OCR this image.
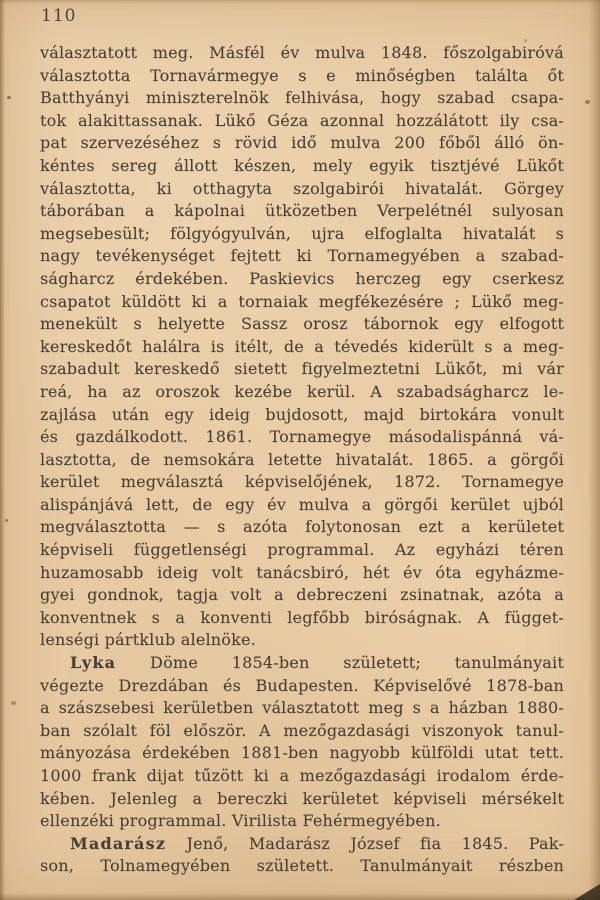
110
választatott meg. Másfél év mulva 1848. főszolgabiróvá
választotta Tornavármegye s e minőségben találta őt
Batthyányi miniszterelnök felhivása, hogy szabad csapa-
tok alakittassanak. Lükő Géza azonnal hozzálátott ily csa-
pat szervezéséhez s rövid idő mulva 200 főből álló ön-
kéntes sereg állott készen, mely egyik tisztjévé Lükőt
választotta, ki otthagyta szolgabirói hivatalát. Görgey
táborában a kápolnai ütközetben Verpelétnél sulyosan
megsebesült; fölgyógyulván, ujra elfoglalta hivatalát s
nagy tevékenységet fejtett ki Tornamegyében a szabad-
ságharcz érdekében. Paskievics herczeg egy cserkesz
csapatot küldött ki a tornaiak megfékezésére ; Lükő meg-
menekült s helyette Sassz orosz tábornok egy elfogott
kereskedőt halálra is itélt, de a tévedés kiderült s a meg-
szabadult kereskedő sietett figyelmeztetni Lükőt, mi vár
reá, ha az oroszok kezébe kerül. A szabadságharcz le-
zajlása után egy ideig bujdosott, majd birtokára vonult
és gazdálkodott. 1861. Tornamegye másodalispánná vá-
lasztotta, de nemsokára letette hivatalát. 1865. a görgői
kerület megválasztá képviselőjének, 1872. Tornamegye
alispánjává lett, de egy év mulva a görgői kerület ujból
megválasztotta — s azóta folytonosan ezt a kerületet
képviseli függetlenségi programmal. Az egyházi téren
huzamosabb ideig volt tanácsbiró, hét év óta egyházme-
gyei gondnok, tagja volt a debreczeni zsinatnak, azóta a
konventnek s a konventi legfőbb biróságnak. A függet-
lenségi pártklub alelnöke.
Lyka Döme 1854-ben született; tanulmányait
végezte Drezdában és Budapesten. Képviselővé 1878-ban
a szászsebesi kerületben választatott meg s a házban 1880-
ban szólalt föl először. A mezőgazdasági viszonyok tanul-
mányozása érdekében 1881-ben nagyobb külföldi utat tett.
1000 frank dijat tűzött ki a mezőgazdasági irodalom érde-
kében. Jelenleg a bereczki kerületet képviseli mérsékelt
ellenzéki programmal. Virilista Fehérmegyében.
Madarász Jenő, Madarász József fia 1845. Pak-
son, Tolnamegyében született. Tanulmányait részben
